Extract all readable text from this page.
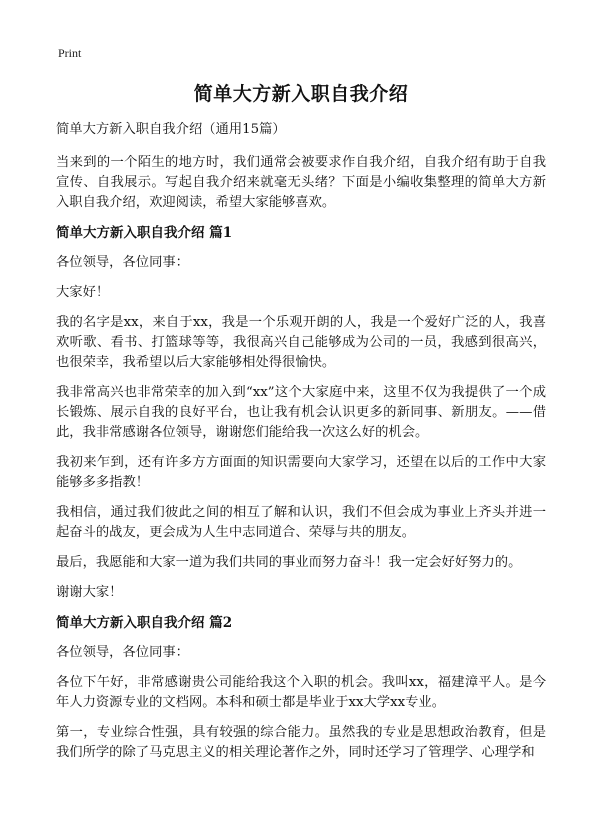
Print
简单大方新入职自我介绍

简单大方新入职自我介绍（通用15篇）

当来到的一个陌生的地方时，我们通常会被要求作自我介绍，自我介绍有助于自我宣传、自我展示。写起自我介绍来就毫无头绪？下面是小编收集整理的简单大方新入职自我介绍，欢迎阅读，希望大家能够喜欢。

简单大方新入职自我介绍 篇1

各位领导，各位同事：

大家好！

我的名字是xx，来自于xx，我是一个乐观开朗的人，我是一个爱好广泛的人，我喜欢听歌、看书、打篮球等等，我很高兴自己能够成为公司的一员，我感到很高兴，也很荣幸，我希望以后大家能够相处得很愉快。

我非常高兴也非常荣幸的加入到“xx”这个大家庭中来，这里不仅为我提供了一个成长锻炼、展示自我的良好平台，也让我有机会认识更多的新同事、新朋友。——借此，我非常感谢各位领导，谢谢您们能给我一次这么好的机会。

我初来乍到，还有许多方方面面的知识需要向大家学习，还望在以后的工作中大家能够多多指教！

我相信，通过我们彼此之间的相互了解和认识，我们不但会成为事业上齐头并进一起奋斗的战友，更会成为人生中志同道合、荣辱与共的朋友。

最后，我愿能和大家一道为我们共同的事业而努力奋斗！我一定会好好努力的。

谢谢大家！

简单大方新入职自我介绍 篇2

各位领导，各位同事：

各位下午好，非常感谢贵公司能给我这个入职的机会。我叫xx，福建漳平人。是今年人力资源专业的文档网。本科和硕士都是毕业于xx大学xx专业。

第一，专业综合性强，具有较强的综合能力。虽然我的专业是思想政治教育，但是我们所学的除了马克思主义的相关理论著作之外，同时还学习了管理学、心理学和
